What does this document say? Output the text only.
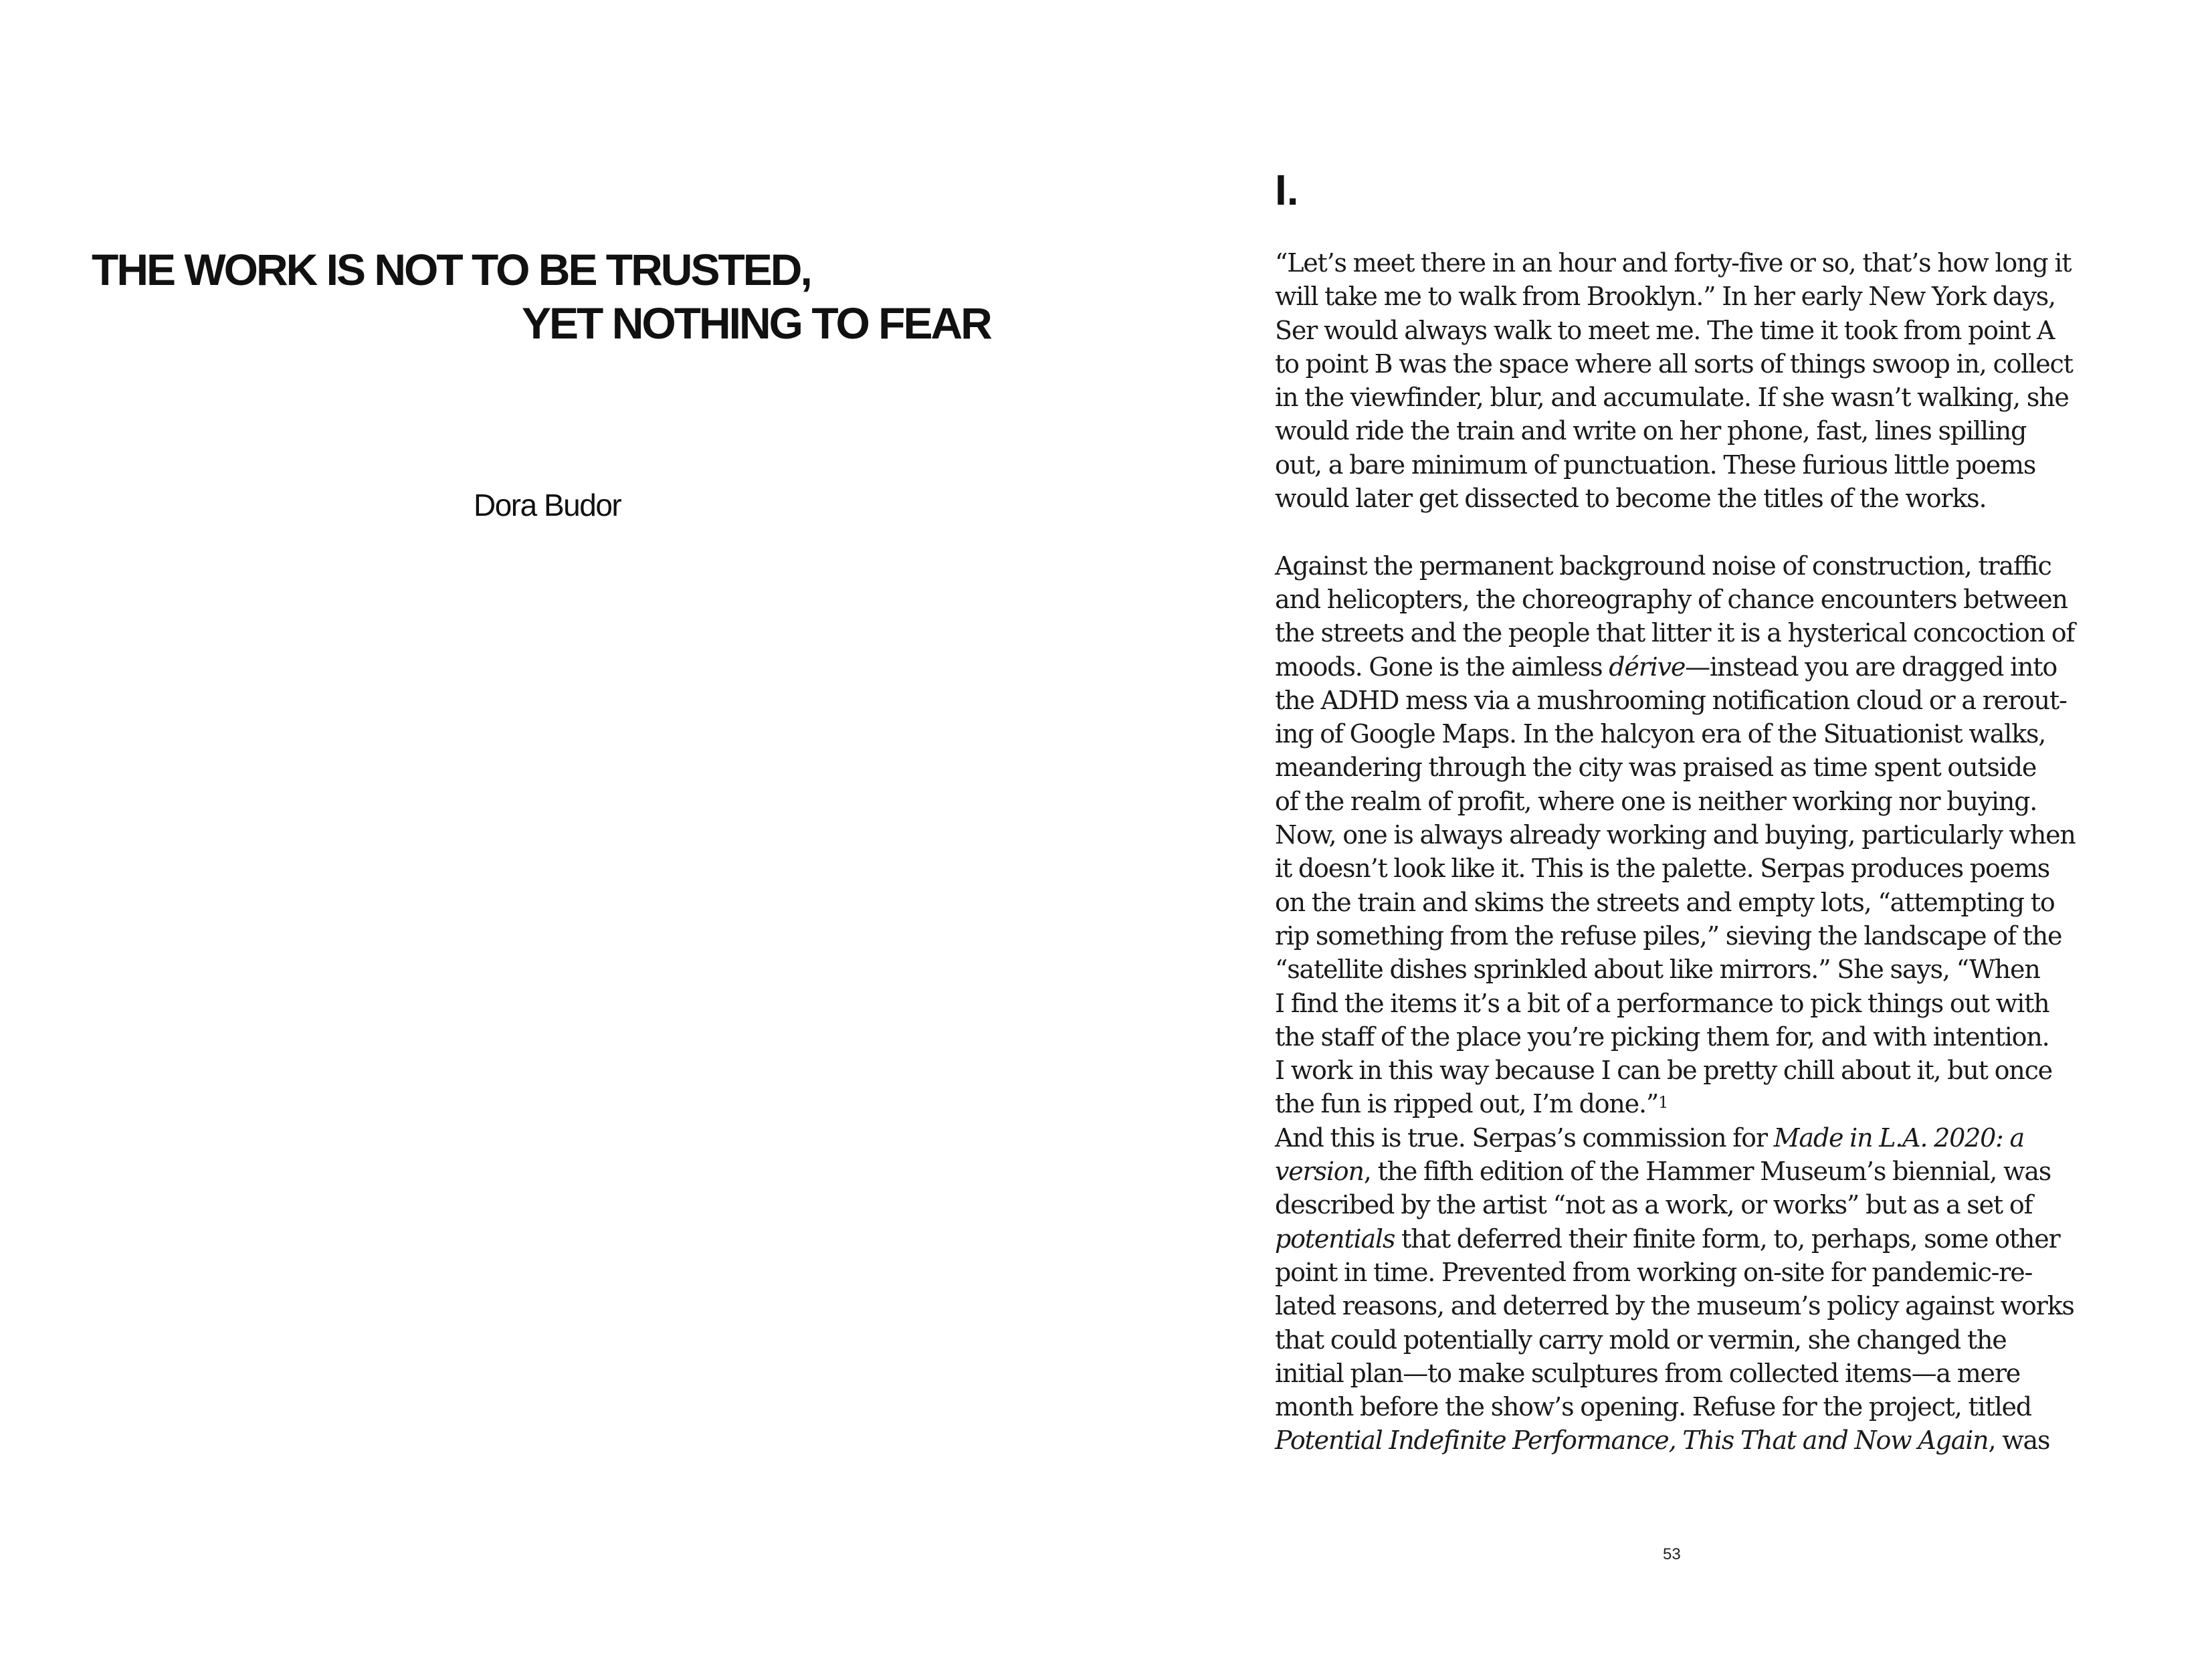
THE WORK IS NOT TO BE TRUSTED,
YET NOTHING TO FEAR
Dora Budor
I.
“Let’s meet there in an hour and forty-five or so, that’s how long it
will take me to walk from Brooklyn.” In her early New York days,
Ser would always walk to meet me. The time it took from point A
to point B was the space where all sorts of things swoop in, collect
in the viewfinder, blur, and accumulate. If she wasn’t walking, she
would ride the train and write on her phone, fast, lines spilling
out, a bare minimum of punctuation. These furious little poems
would later get dissected to become the titles of the works.
Against the permanent background noise of construction, traffic
and helicopters, the choreography of chance encounters between
the streets and the people that litter it is a hysterical concoction of
moods. Gone is the aimless dérive—instead you are dragged into
the ADHD mess via a mushrooming notification cloud or a rerout-
ing of Google Maps. In the halcyon era of the Situationist walks,
meandering through the city was praised as time spent outside
of the realm of profit, where one is neither working nor buying.
Now, one is always already working and buying, particularly when
it doesn’t look like it. This is the palette. Serpas produces poems
on the train and skims the streets and empty lots, “attempting to
rip something from the refuse piles,” sieving the landscape of the
“satellite dishes sprinkled about like mirrors.” She says, “When
I find the items it’s a bit of a performance to pick things out with
the staff of the place you’re picking them for, and with intention.
I work in this way because I can be pretty chill about it, but once
the fun is ripped out, I’m done.”$^1$
And this is true. Serpas’s commission for Made in L.A. 2020: a
version, the fifth edition of the Hammer Museum’s biennial, was
described by the artist “not as a work, or works” but as a set of
potentials that deferred their finite form, to, perhaps, some other
point in time. Prevented from working on-site for pandemic-re-
lated reasons, and deterred by the museum’s policy against works
that could potentially carry mold or vermin, she changed the
initial plan—to make sculptures from collected items—a mere
month before the show’s opening. Refuse for the project, titled
Potential Indefinite Performance, This That and Now Again, was
53
